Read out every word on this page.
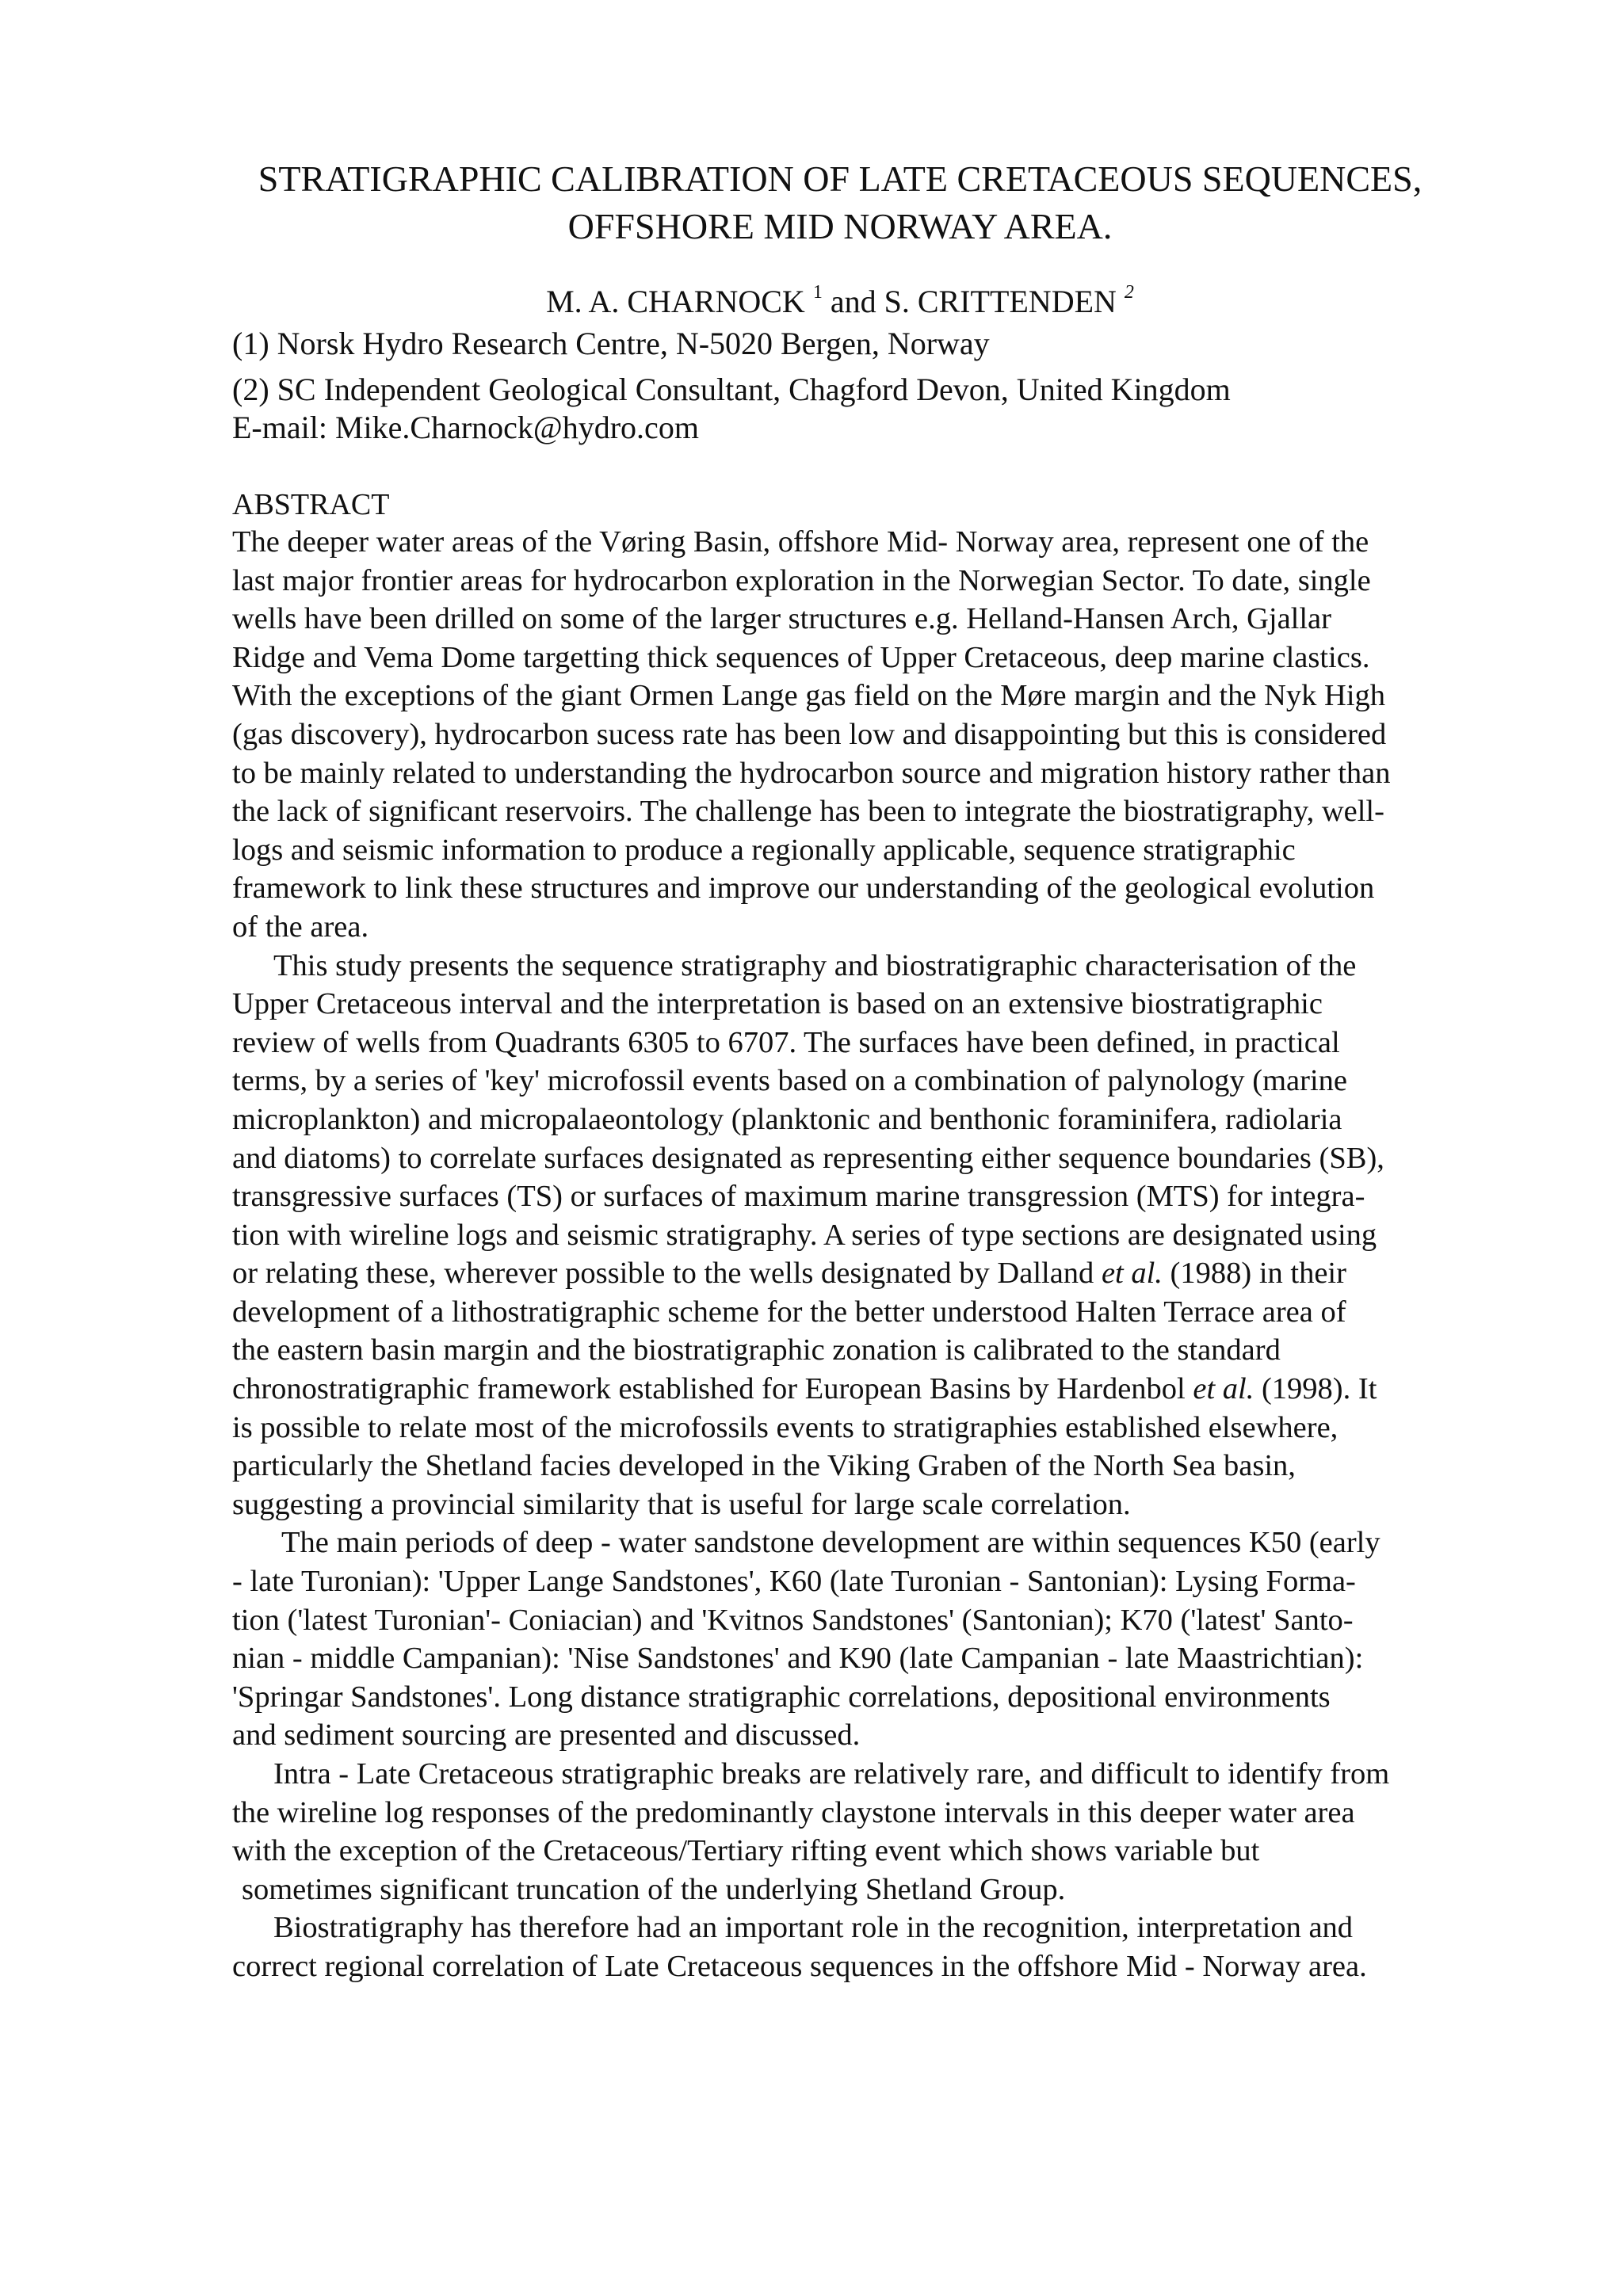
STRATIGRAPHIC CALIBRATION OF LATE CRETACEOUS SEQUENCES,
OFFSHORE MID NORWAY AREA.
M. A. CHARNOCK $^1$ and S. CRITTENDEN $^2$
(1) Norsk Hydro Research Centre, N-5020 Bergen, Norway
(2) SC Independent Geological Consultant, Chagford Devon, United Kingdom
E-mail: Mike.Charnock@hydro.com
ABSTRACT

The deeper water areas of the Vøring Basin, offshore Mid- Norway area, represent one of the
last major frontier areas for hydrocarbon exploration in the Norwegian Sector. To date, single
wells have been drilled on some of the larger structures e.g. Helland-Hansen Arch, Gjallar
Ridge and Vema Dome targetting thick sequences of Upper Cretaceous, deep marine clastics.
With the exceptions of the giant Ormen Lange gas field on the Møre margin and the Nyk High
(gas discovery), hydrocarbon sucess rate has been low and disappointing but this is considered
to be mainly related to understanding the hydrocarbon source and migration history rather than
the lack of significant reservoirs. The challenge has been to integrate the biostratigraphy, well-
logs and seismic information to produce a regionally applicable, sequence stratigraphic
framework to link these structures and improve our understanding of the geological evolution
of the area.

This study presents the sequence stratigraphy and biostratigraphic characterisation of the
Upper Cretaceous interval and the interpretation is based on an extensive biostratigraphic
review of wells from Quadrants 6305 to 6707. The surfaces have been defined, in practical
terms, by a series of 'key' microfossil events based on a combination of palynology (marine
microplankton) and micropalaeontology (planktonic and benthonic foraminifera, radiolaria
and diatoms) to correlate surfaces designated as representing either sequence boundaries (SB),
transgressive surfaces (TS) or surfaces of maximum marine transgression (MTS) for integra-
tion with wireline logs and seismic stratigraphy. A series of type sections are designated using
or relating these, wherever possible to the wells designated by Dalland et al. (1988) in their
development of a lithostratigraphic scheme for the better understood Halten Terrace area of
the eastern basin margin and the biostratigraphic zonation is calibrated to the standard
chronostratigraphic framework established for European Basins by Hardenbol et al. (1998). It
is possible to relate most of the microfossils events to stratigraphies established elsewhere,
particularly the Shetland facies developed in the Viking Graben of the North Sea basin,
suggesting a provincial similarity that is useful for large scale correlation.

The main periods of deep - water sandstone development are within sequences K50 (early
- late Turonian): 'Upper Lange Sandstones', K60 (late Turonian - Santonian): Lysing Forma-
tion ('latest Turonian'- Coniacian) and 'Kvitnos Sandstones' (Santonian); K70 ('latest' Santo-
nian - middle Campanian): 'Nise Sandstones' and K90 (late Campanian - late Maastrichtian):
'Springar Sandstones'. Long distance stratigraphic correlations, depositional environments
and sediment sourcing are presented and discussed.

Intra - Late Cretaceous stratigraphic breaks are relatively rare, and difficult to identify from
the wireline log responses of the predominantly claystone intervals in this deeper water area
with the exception of the Cretaceous/Tertiary rifting event which shows variable but
sometimes significant truncation of the underlying Shetland Group.

Biostratigraphy has therefore had an important role in the recognition, interpretation and
correct regional correlation of Late Cretaceous sequences in the offshore Mid - Norway area.
